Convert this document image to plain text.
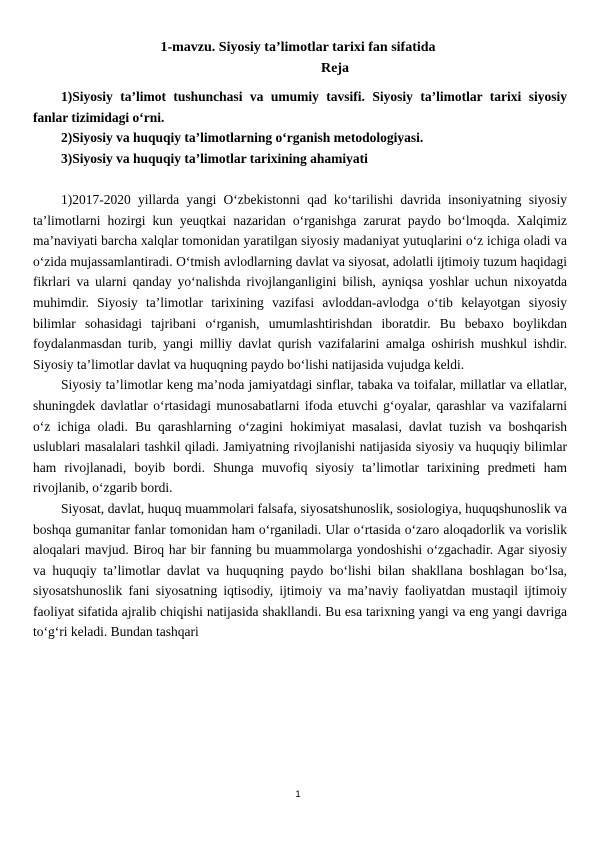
1-mavzu. Siyosiy ta’limotlar tarixi fan sifatida
Reja

1)Siyosiy ta’limot tushunchasi va umumiy tavsifi. Siyosiy ta’limotlar tarixi siyosiy fanlar tizimidagi o‘rni.

2)Siyosiy va huquqiy ta’limotlarning o‘rganish metodologiyasi.

3)Siyosiy va huquqiy ta’limotlar tarixining ahamiyati

1)2017-2020 yillarda yangi O‘zbekistonni qad ko‘tarilishi davrida insoniyatning siyosiy ta’limotlarni hozirgi kun yeuqtkai nazaridan o‘rganishga zarurat paydo bo‘lmoqda. Xalqimiz ma’naviyati barcha xalqlar tomonidan yaratilgan siyosiy madaniyat yutuqlarini o‘z ichiga oladi va o‘zida mujassamlantiradi. O‘tmish avlodlarning davlat va siyosat, adolatli ijtimoiy tuzum haqidagi fikrlari va ularni qanday yo‘nalishda rivojlanganligini bilish, ayniqsa yoshlar uchun nixoyatda muhimdir. Siyosiy ta’limotlar tarixining vazifasi avloddan-avlodga o‘tib kelayotgan siyosiy bilimlar sohasidagi tajribani o‘rganish, umumlashtirishdan iboratdir. Bu bebaxo boylikdan foydalanmasdan turib, yangi milliy davlat qurish vazifalarini amalga oshirish mushkul ishdir. Siyosiy ta’limotlar davlat va huquqning paydo bo‘lishi natijasida vujudga keldi.

Siyosiy ta’limotlar keng ma’noda jamiyatdagi sinflar, tabaka va toifalar, millatlar va ellatlar, shuningdek davlatlar o‘rtasidagi munosabatlarni ifoda etuvchi g‘oyalar, qarashlar va vazifalarni o‘z ichiga oladi. Bu qarashlarning o‘zagini hokimiyat masalasi, davlat tuzish va boshqarish uslublari masalalari tashkil qiladi. Jamiyatning rivojlanishi natijasida siyosiy va huquqiy bilimlar ham rivojlanadi, boyib bordi. Shunga muvofiq siyosiy ta’limotlar tarixining predmeti ham rivojlanib, o‘zgarib bordi.

Siyosat, davlat, huquq muammolari falsafa, siyosatshunoslik, sosiologiya, huquqshunoslik va boshqa gumanitar fanlar tomonidan ham o‘rganiladi. Ular o‘rtasida o‘zaro aloqadorlik va vorislik aloqalari mavjud. Biroq har bir fanning bu muammolarga yondoshishi o‘zgachadir. Agar siyosiy va huquqiy ta’limotlar davlat va huquqning paydo bo‘lishi bilan shakllana boshlagan bo‘lsa, siyosatshunoslik fani siyosatning iqtisodiy, ijtimoiy va ma’naviy faoliyatdan mustaqil ijtimoiy faoliyat sifatida ajralib chiqishi natijasida shakllandi. Bu esa tarixning yangi va eng yangi davriga to‘g‘ri keladi. Bundan tashqari

1
